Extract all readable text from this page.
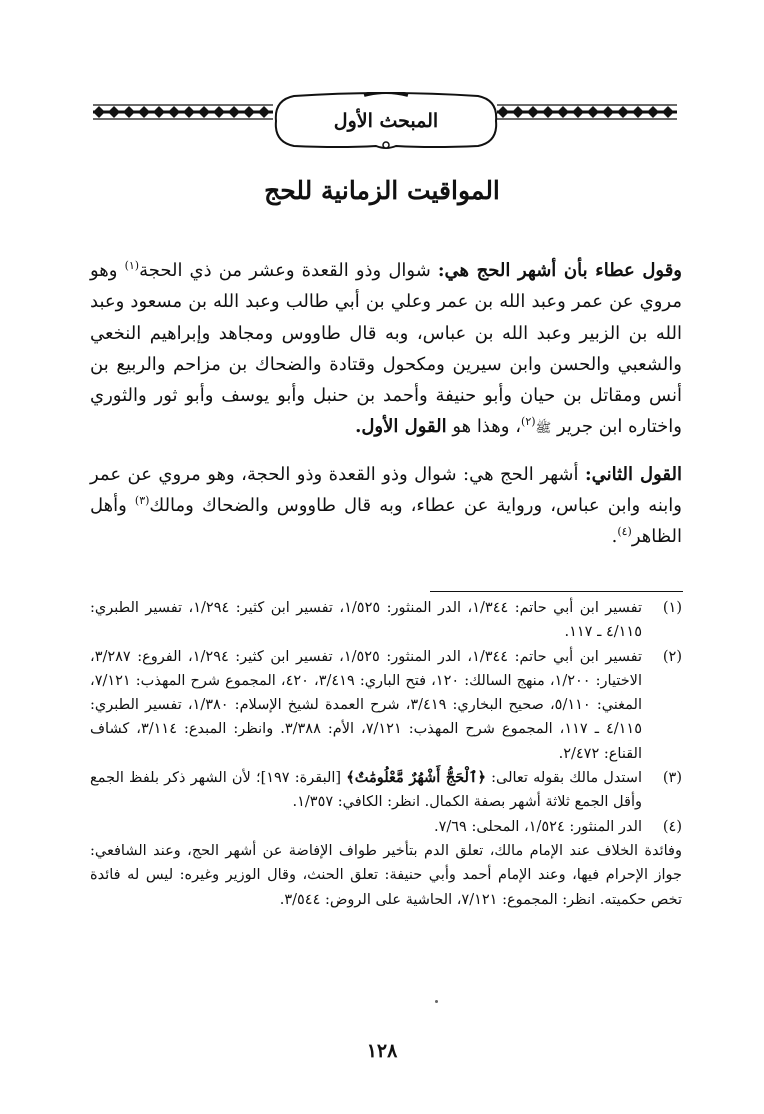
المبحث الأول
المواقيت الزمانية للحج

وقول عطاء بأن أشهر الحج هي: شوال وذو القعدة وعشر من ذي الحجة$^{(١)}$ وهو مروي عن عمر وعبد الله بن عمر وعلي بن أبي طالب وعبد الله بن مسعود وعبد الله بن الزبير وعبد الله بن عباس، وبه قال طاووس ومجاهد وإبراهيم النخعي والشعبي والحسن وابن سيرين ومكحول وقتادة والضحاك بن مزاحم والربيع بن أنس ومقاتل بن حيان وأبو حنيفة وأحمد بن حنبل وأبو يوسف وأبو ثور والثوري واختاره ابن جرير ﷺ$^{(٢)}$، وهذا هو القول الأول.

القول الثاني: أشهر الحج هي: شوال وذو القعدة وذو الحجة، وهو مروي عن عمر وابنه وابن عباس، ورواية عن عطاء، وبه قال طاووس والضحاك ومالك$^{(٣)}$ وأهل الظاهر$^{(٤)}$.

(١)
تفسير ابن أبي حاتم: ١/٣٤٤، الدر المنثور: ١/٥٢٥، تفسير ابن كثير: ١/٢٩٤، تفسير الطبري: ٤/١١٥ ـ ١١٧.

(٢)
تفسير ابن أبي حاتم: ١/٣٤٤، الدر المنثور: ١/٥٢٥، تفسير ابن كثير: ١/٢٩٤، الفروع: ٣/٢٨٧، الاختيار: ١/٢٠٠، منهج السالك: ١٢٠، فتح الباري: ٣/٤١٩، ٤٢٠، المجموع شرح المهذب: ٧/١٢١، المغني: ٥/١١٠، صحيح البخاري: ٣/٤١٩، شرح العمدة لشيخ الإسلام: ١/٣٨٠، تفسير الطبري: ٤/١١٥ ـ ١١٧، المجموع شرح المهذب: ٧/١٢١، الأم: ٣/٣٨٨. وانظر: المبدع: ٣/١١٤، كشاف القناع: ٢/٤٧٢.

(٣)
استدل مالك بقوله تعالى: ﴿ٱلْحَجُّ أَشْهُرٌ مَّعْلُومَٰتٌ﴾ [البقرة: ١٩٧]؛ لأن الشهر ذكر بلفظ الجمع وأقل الجمع ثلاثة أشهر بصفة الكمال. انظر: الكافي: ١/٣٥٧.

(٤)
الدر المنثور: ١/٥٢٤، المحلى: ٧/٦٩.

وفائدة الخلاف عند الإمام مالك، تعلق الدم بتأخير طواف الإفاضة عن أشهر الحج، وعند الشافعي: جواز الإحرام فيها، وعند الإمام أحمد وأبي حنيفة: تعلق الحنث، وقال الوزير وغيره: ليس له فائدة تخص حكميته. انظر: المجموع: ٧/١٢١، الحاشية على الروض: ٣/٥٤٤.

١٢٨
